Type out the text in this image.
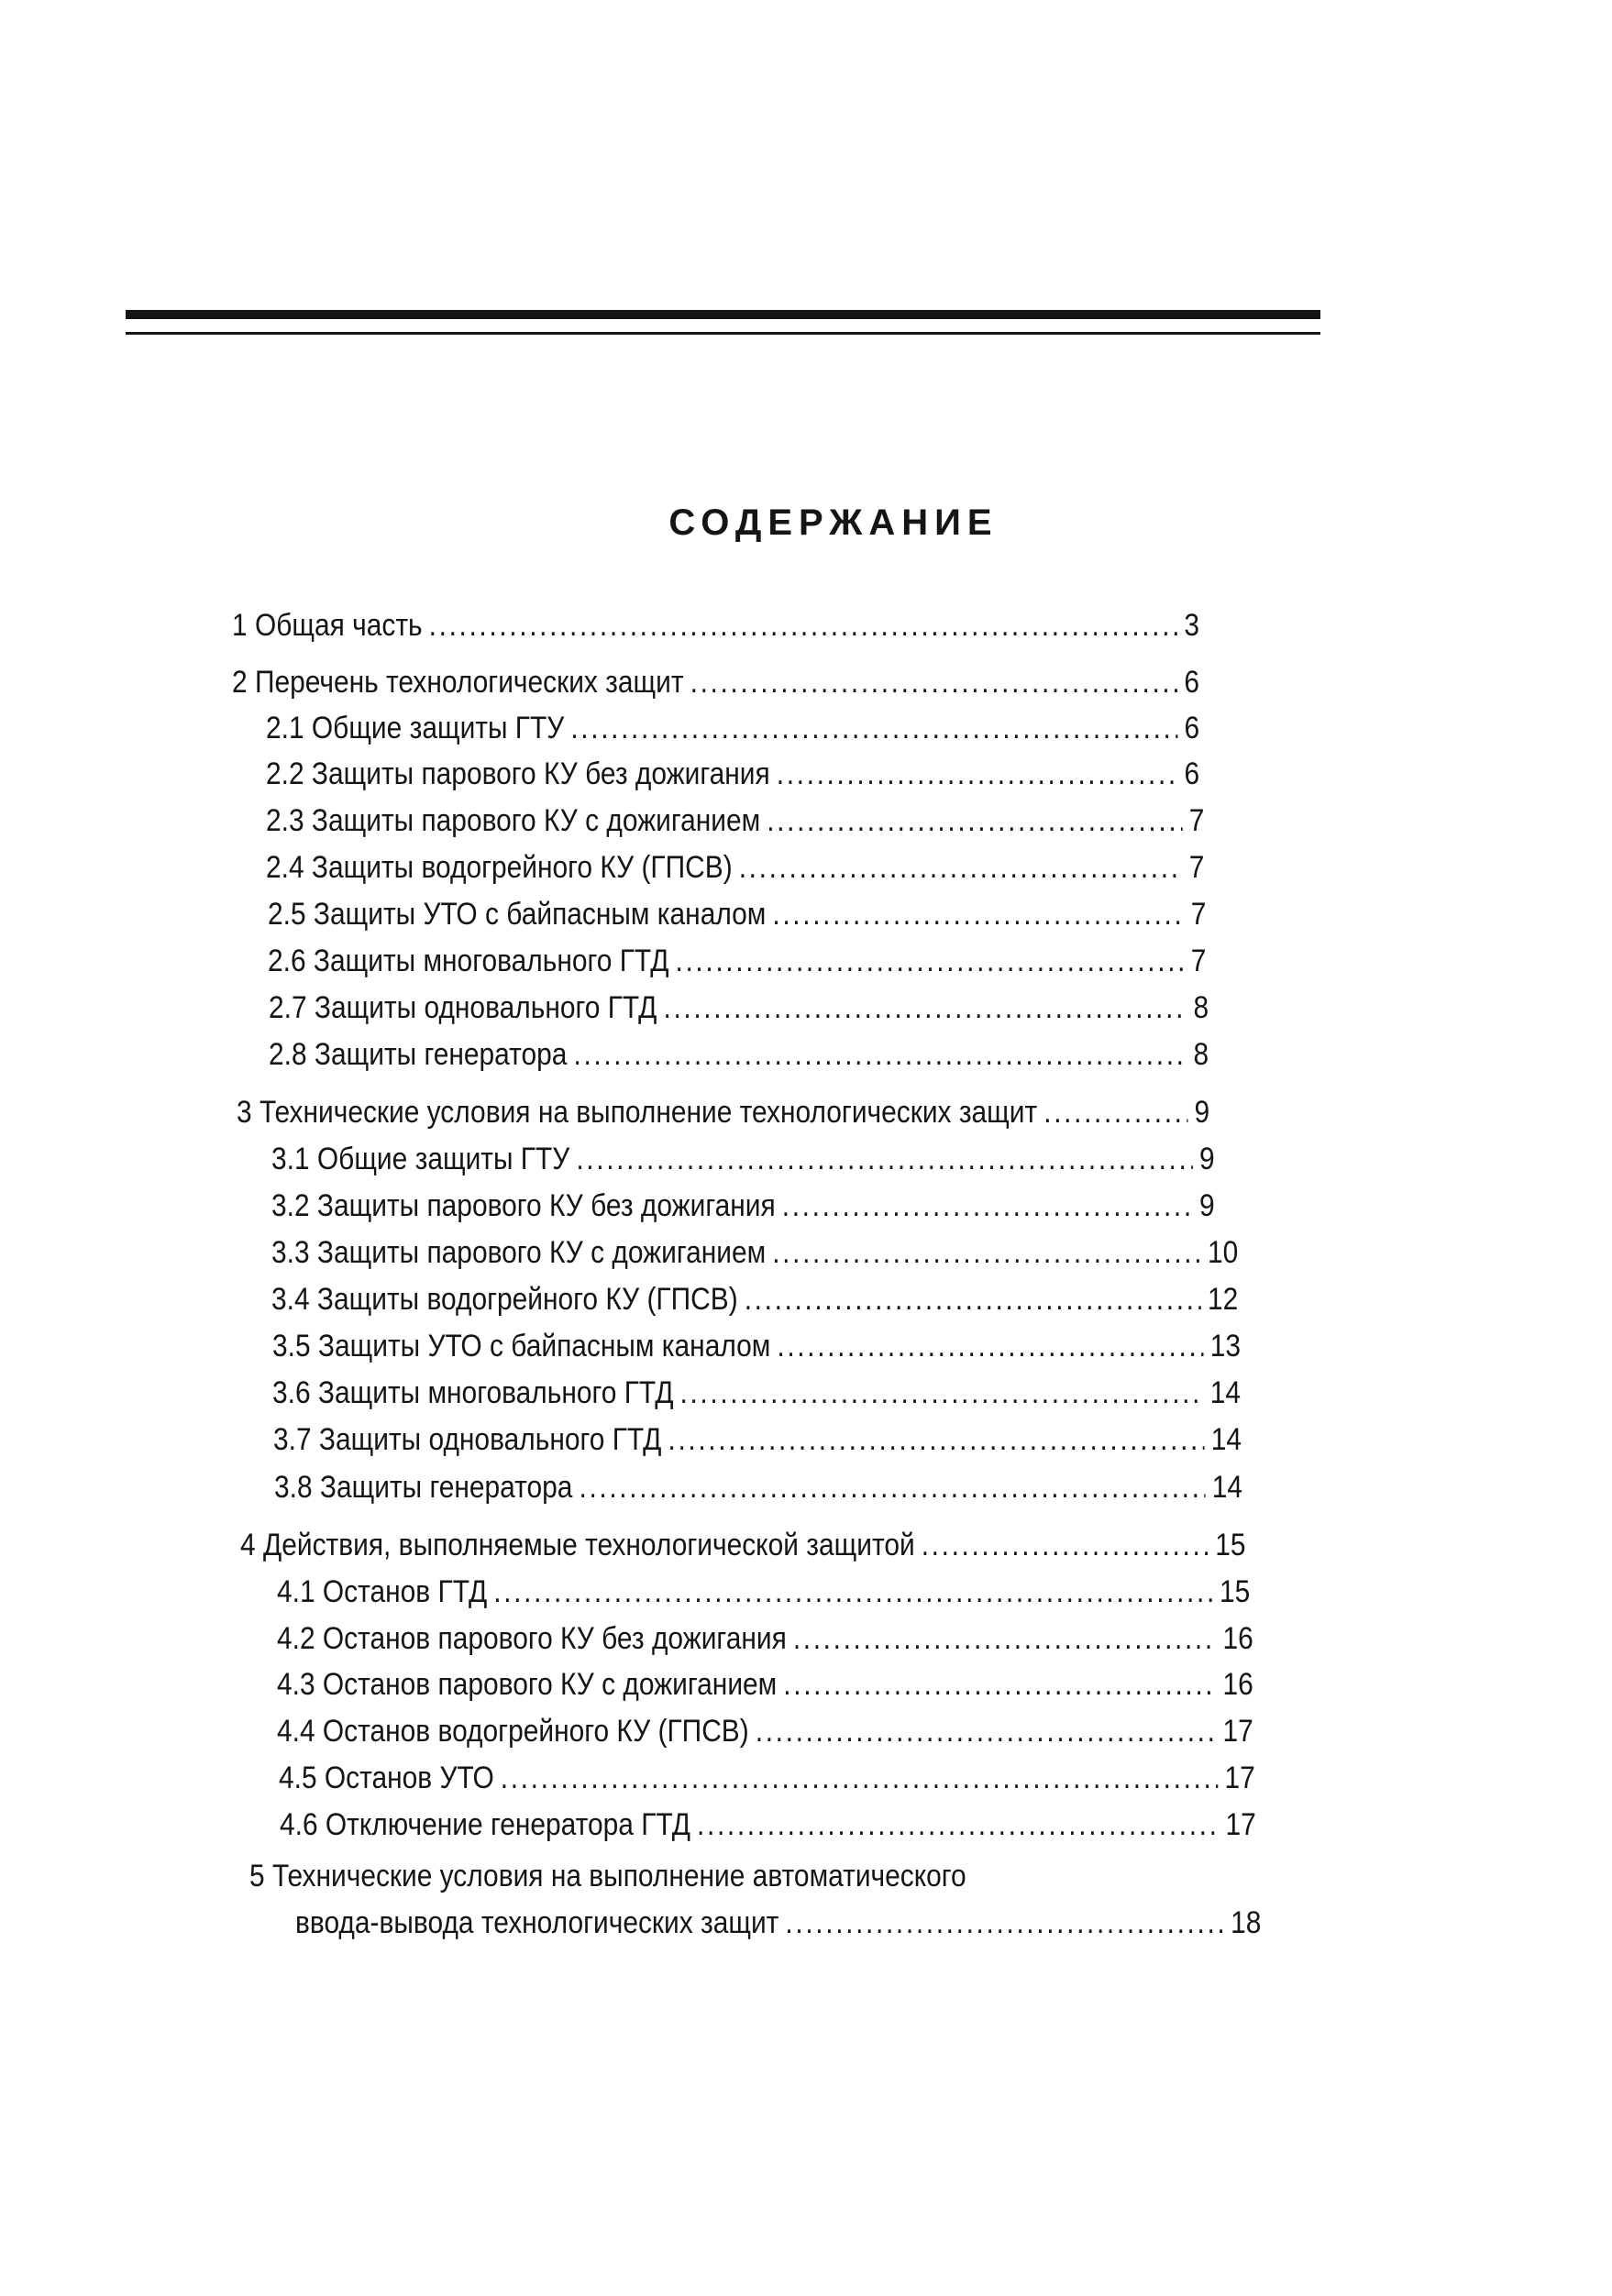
СОДЕРЖАНИЕ
1 Общая часть .....	3
2 Перечень технологических защит .....	6
2.1 Общие защиты ГТУ .....	6
2.2 Защиты парового КУ без дожигания .....	6
2.3 Защиты парового КУ с дожиганием .....	7
2.4 Защиты водогрейного КУ (ГПСВ) .....	7
2.5 Защиты УТО с байпасным каналом .....	7
2.6 Защиты многовального ГТД .....	7
2.7 Защиты одновального ГТД .....	8
2.8 Защиты генератора .....	8
3 Технические условия на выполнение технологических защит .....	9
3.1 Общие защиты ГТУ .....	9
3.2 Защиты парового КУ без дожигания .....	9
3.3 Защиты парового КУ с дожиганием .....	10
3.4 Защиты водогрейного КУ (ГПСВ) .....	12
3.5 Защиты УТО с байпасным каналом .....	13
3.6 Защиты многовального ГТД .....	14
3.7 Защиты одновального ГТД .....	14
3.8 Защиты генератора .....	14
4 Действия, выполняемые технологической защитой .....	15
4.1 Останов ГТД .....	15
4.2 Останов парового КУ без дожигания .....	16
4.3 Останов парового КУ с дожиганием .....	16
4.4 Останов водогрейного КУ (ГПСВ) .....	17
4.5 Останов УТО .....	17
4.6 Отключение генератора ГТД .....	17
5 Технические условия на выполнение автоматического
ввода-вывода технологических защит .....	18
